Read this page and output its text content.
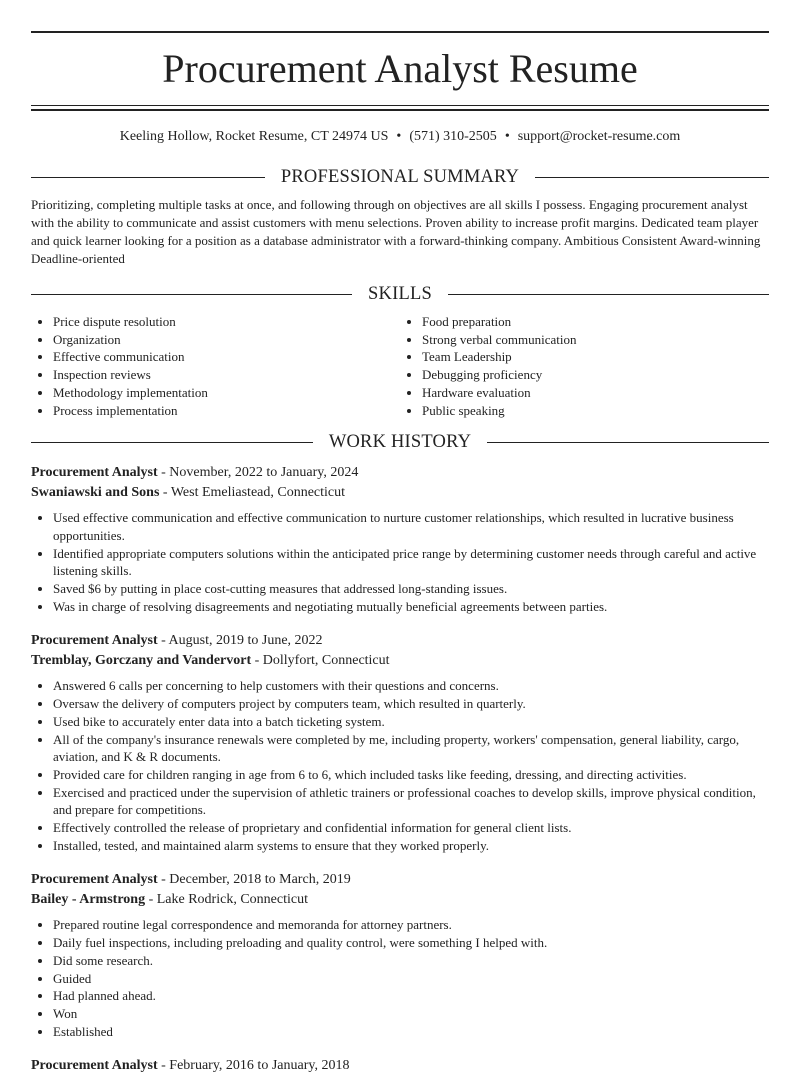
Procurement Analyst Resume
Keeling Hollow, Rocket Resume, CT 24974 US • (571) 310-2505 • support@rocket-resume.com
PROFESSIONAL SUMMARY

Prioritizing, completing multiple tasks at once, and following through on objectives are all skills I possess. Engaging procurement analyst with the ability to communicate and assist customers with menu selections. Proven ability to increase profit margins. Dedicated team player and quick learner looking for a position as a database administrator with a forward-thinking company. Ambitious Consistent Award-winning Deadline-oriented

SKILLS
• Price dispute resolution
• Organization
• Effective communication
• Inspection reviews
• Methodology implementation
• Process implementation
• Food preparation
• Strong verbal communication
• Team Leadership
• Debugging proficiency
• Hardware evaluation
• Public speaking
WORK HISTORY
Procurement Analyst - November, 2022 to January, 2024
Swaniawski and Sons - West Emeliastead, Connecticut
• Used effective communication and effective communication to nurture customer relationships, which resulted in lucrative business opportunities.
• Identified appropriate computers solutions within the anticipated price range by determining customer needs through careful and active listening skills.
• Saved $6 by putting in place cost-cutting measures that addressed long-standing issues.
• Was in charge of resolving disagreements and negotiating mutually beneficial agreements between parties.
Procurement Analyst - August, 2019 to June, 2022
Tremblay, Gorczany and Vandervort - Dollyfort, Connecticut
• Answered 6 calls per concerning to help customers with their questions and concerns.
• Oversaw the delivery of computers project by computers team, which resulted in quarterly.
• Used bike to accurately enter data into a batch ticketing system.
• All of the company's insurance renewals were completed by me, including property, workers' compensation, general liability, cargo, aviation, and K & R documents.
• Provided care for children ranging in age from 6 to 6, which included tasks like feeding, dressing, and directing activities.
• Exercised and practiced under the supervision of athletic trainers or professional coaches to develop skills, improve physical condition, and prepare for competitions.
• Effectively controlled the release of proprietary and confidential information for general client lists.
• Installed, tested, and maintained alarm systems to ensure that they worked properly.
Procurement Analyst - December, 2018 to March, 2019
Bailey - Armstrong - Lake Rodrick, Connecticut
• Prepared routine legal correspondence and memoranda for attorney partners.
• Daily fuel inspections, including preloading and quality control, were something I helped with.
• Did some research.
• Guided
• Had planned ahead.
• Won
• Established
Procurement Analyst - February, 2016 to January, 2018
